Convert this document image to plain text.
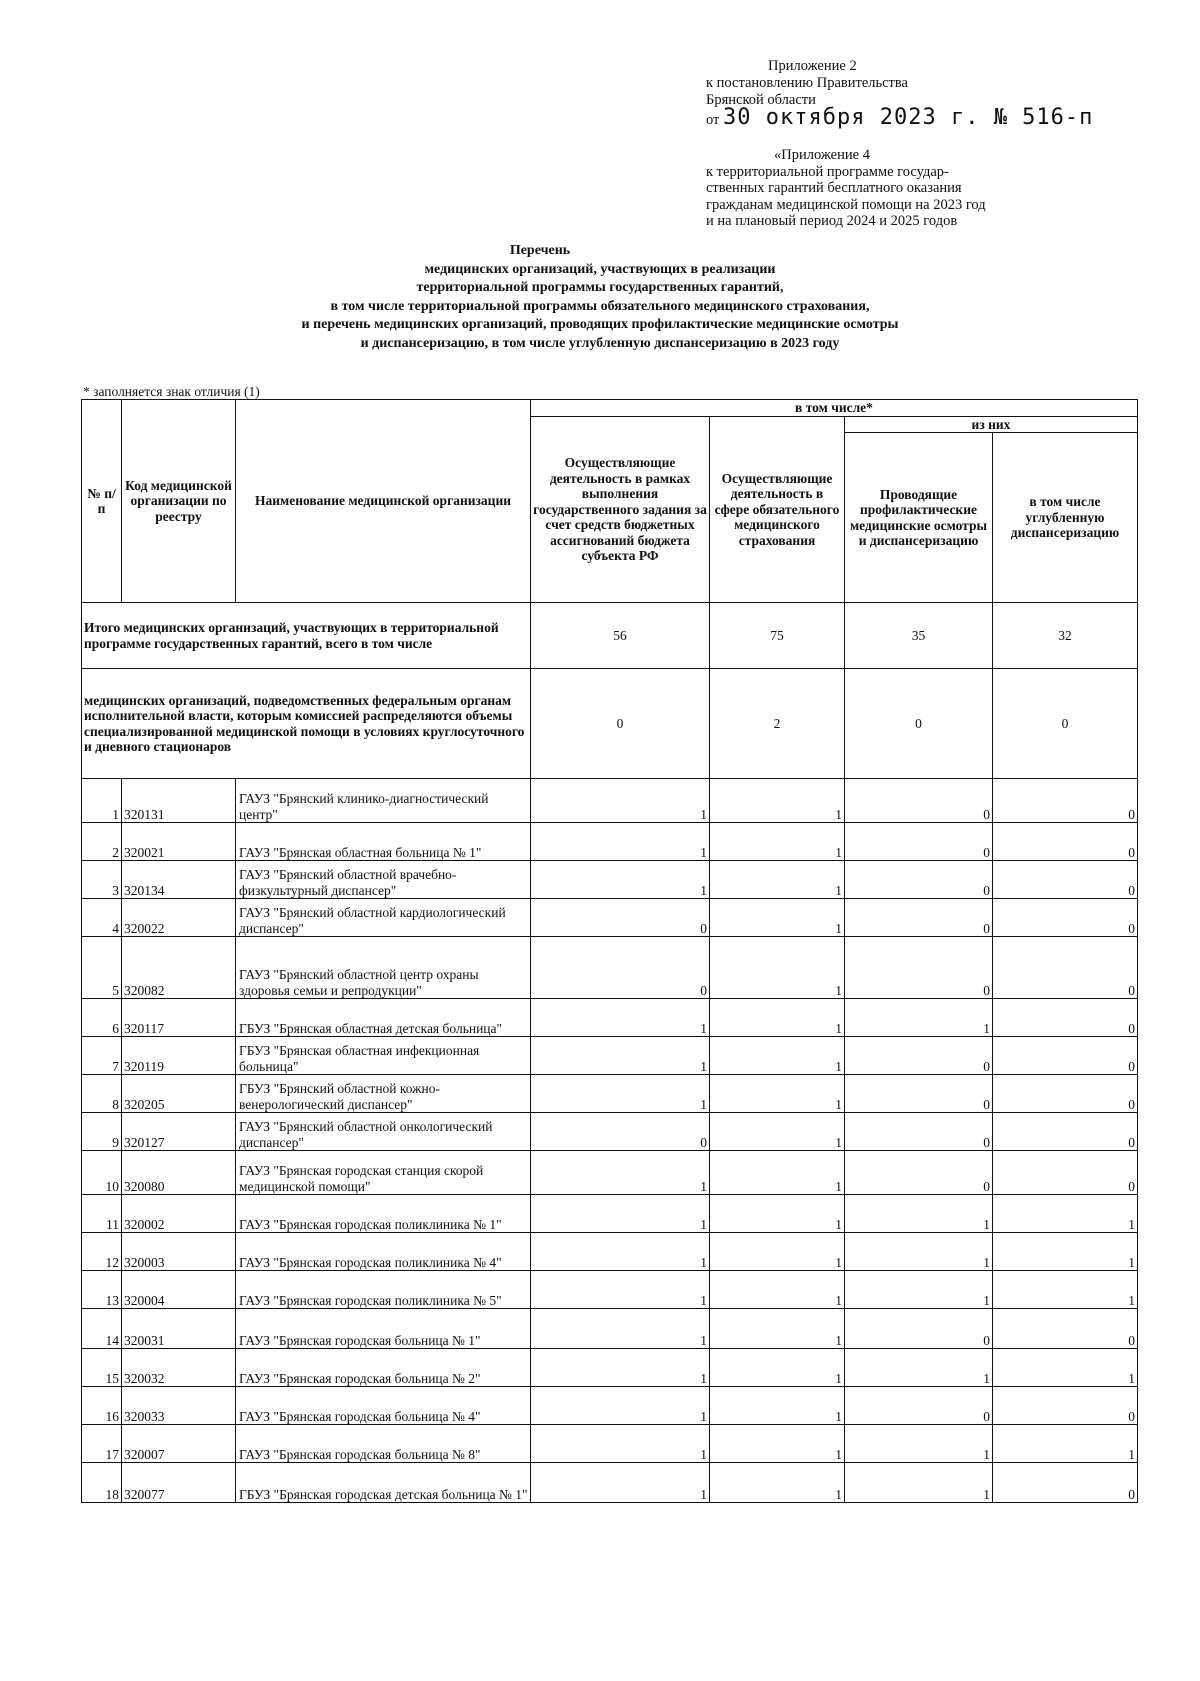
Приложение 2
к постановлению Правительства
Брянской области
от 30 октября 2023 г. № 516-п
«Приложение 4
к территориальной программе государ-
ственных гарантий бесплатного оказания
гражданам медицинской помощи на 2023 год
и на плановый период 2024 и 2025 годов
Перечень
медицинских организаций, участвующих в реализации
территориальной программы государственных гарантий,
в том числе территориальной программы обязательного медицинского страхования,
и перечень медицинских организаций, проводящих профилактические медицинские осмотры
и диспансеризацию, в том числе углубленную диспансеризацию в 2023 году
* заполняется знак отличия (1)
№ п/п	Код медицинской организации по реестру	Наименование медицинской организации	в том числе*			
			Осуществляющие деятельность в рамках выполнения государственного задания за счет средств бюджетных ассигнований бюджета субъекта РФ	Осуществляющие деятельность в сфере обязательного медицинского страхования	из них	
					Проводящие профилактические медицинские осмотры и диспансеризацию	в том числе углубленную диспансеризацию
Итого медицинских организаций, участвующих в территориальной программе государственных гарантий, всего в том числе			56	75	35	32
медицинских организаций, подведомственных федеральным органам исполнительной власти, которым комиссией распределяются объемы специализированной медицинской помощи в условиях круглосуточного и дневного стационаров			0	2	0	0
1	320131	ГАУЗ "Брянский клинико-диагностический центр"	1	1	0	0
2	320021	ГАУЗ "Брянская областная больница № 1"	1	1	0	0
3	320134	ГАУЗ "Брянский областной врачебно-физкультурный диспансер"	1	1	0	0
4	320022	ГАУЗ "Брянский областной кардиологический диспансер"	0	1	0	0
5	320082	ГАУЗ "Брянский областной центр охраны здоровья семьи и репродукции"	0	1	0	0
6	320117	ГБУЗ "Брянская областная детская больница"	1	1	1	0
7	320119	ГБУЗ "Брянская областная инфекционная больница"	1	1	0	0
8	320205	ГБУЗ "Брянский областной кожно-венерологический диспансер"	1	1	0	0
9	320127	ГАУЗ "Брянский областной онкологический диспансер"	0	1	0	0
10	320080	ГАУЗ "Брянская городская станция скорой медицинской помощи"	1	1	0	0
11	320002	ГАУЗ "Брянская городская поликлиника № 1"	1	1	1	1
12	320003	ГАУЗ "Брянская городская поликлиника № 4"	1	1	1	1
13	320004	ГАУЗ "Брянская городская поликлиника № 5"	1	1	1	1
14	320031	ГАУЗ "Брянская городская больница № 1"	1	1	0	0
15	320032	ГАУЗ "Брянская городская больница № 2"	1	1	1	1
16	320033	ГАУЗ "Брянская городская больница № 4"	1	1	0	0
17	320007	ГАУЗ "Брянская городская больница № 8"	1	1	1	1
18	320077	ГБУЗ "Брянская городская детская больница № 1"	1	1	1	0
